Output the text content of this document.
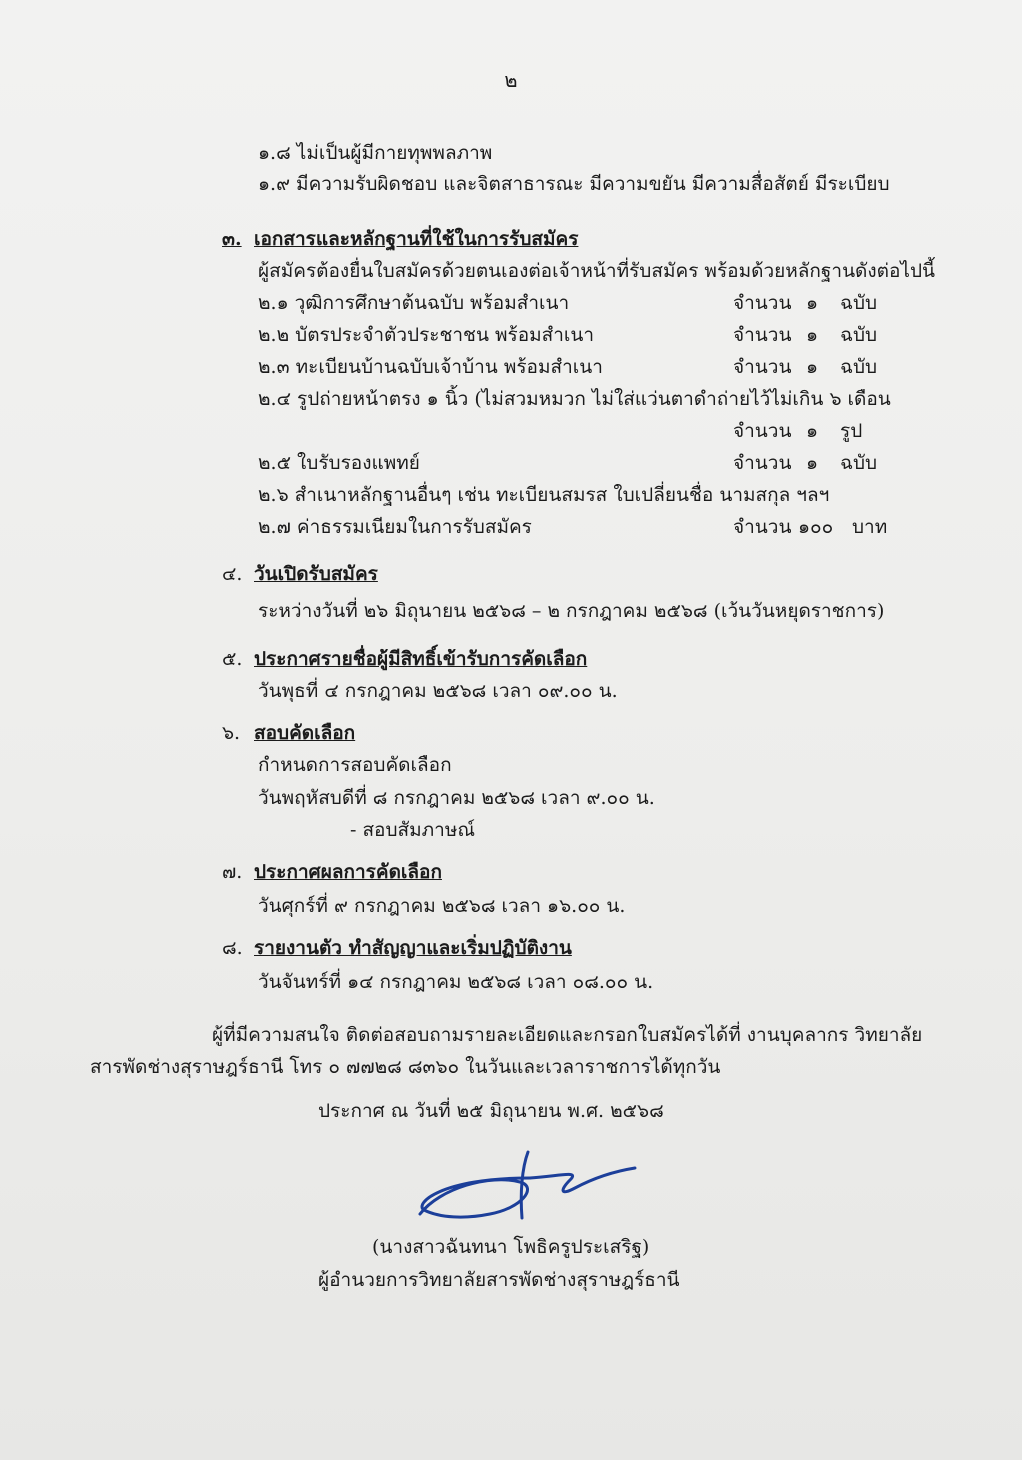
๒
๑.๘ ไม่เป็นผู้มีกายทุพพลภาพ
๑.๙ มีความรับผิดชอบ และจิตสาธารณะ มีความขยัน มีความสื่อสัตย์ มีระเบียบ
๓. เอกสารและหลักฐานที่ใช้ในการรับสมัคร
ผู้สมัครต้องยื่นใบสมัครด้วยตนเองต่อเจ้าหน้าที่รับสมัคร พร้อมด้วยหลักฐานดังต่อไปนี้
๒.๑ วุฒิการศึกษาต้นฉบับ พร้อมสำเนา	จำนวน ๑ ฉบับ
๒.๒ บัตรประจำตัวประชาชน พร้อมสำเนา	จำนวน ๑ ฉบับ
๒.๓ ทะเบียนบ้านฉบับเจ้าบ้าน พร้อมสำเนา	จำนวน ๑ ฉบับ
๒.๔ รูปถ่ายหน้าตรง ๑ นิ้ว (ไม่สวมหมวก ไม่ใส่แว่นตาดำถ่ายไว้ไม่เกิน ๖ เดือน
จำนวน ๑ รูป
๒.๕ ใบรับรองแพทย์	จำนวน ๑ ฉบับ
๒.๖ สำเนาหลักฐานอื่นๆ เช่น ทะเบียนสมรส ใบเปลี่ยนชื่อ นามสกุล ฯลฯ
๒.๗ ค่าธรรมเนียมในการรับสมัคร	จำนวน ๑๐๐ บาท
๔. วันเปิดรับสมัคร
ระหว่างวันที่ ๒๖ มิถุนายน ๒๕๖๘ – ๒ กรกฎาคม ๒๕๖๘ (เว้นวันหยุดราชการ)
๕. ประกาศรายชื่อผู้มีสิทธิ์เข้ารับการคัดเลือก
วันพุธที่ ๔ กรกฎาคม ๒๕๖๘ เวลา ๐๙.๐๐ น.
๖. สอบคัดเลือก
กำหนดการสอบคัดเลือก
วันพฤหัสบดีที่ ๘ กรกฎาคม ๒๕๖๘ เวลา ๙.๐๐ น.
- สอบสัมภาษณ์
๗. ประกาศผลการคัดเลือก
วันศุกร์ที่ ๙ กรกฎาคม ๒๕๖๘ เวลา ๑๖.๐๐ น.
๘. รายงานตัว ทำสัญญาและเริ่มปฏิบัติงาน
วันจันทร์ที่ ๑๔ กรกฎาคม ๒๕๖๘ เวลา ๐๘.๐๐ น.
ผู้ที่มีความสนใจ ติดต่อสอบถามรายละเอียดและกรอกใบสมัครได้ที่ งานบุคลากร วิทยาลัย
สารพัดช่างสุราษฎร์ธานี โทร ๐ ๗๗๒๘ ๘๓๖๐ ในวันและเวลาราชการได้ทุกวัน
ประกาศ ณ วันที่ ๒๕ มิถุนายน พ.ศ. ๒๕๖๘
(นางสาวฉันทนา โพธิครูประเสริฐ)
ผู้อำนวยการวิทยาลัยสารพัดช่างสุราษฎร์ธานี
